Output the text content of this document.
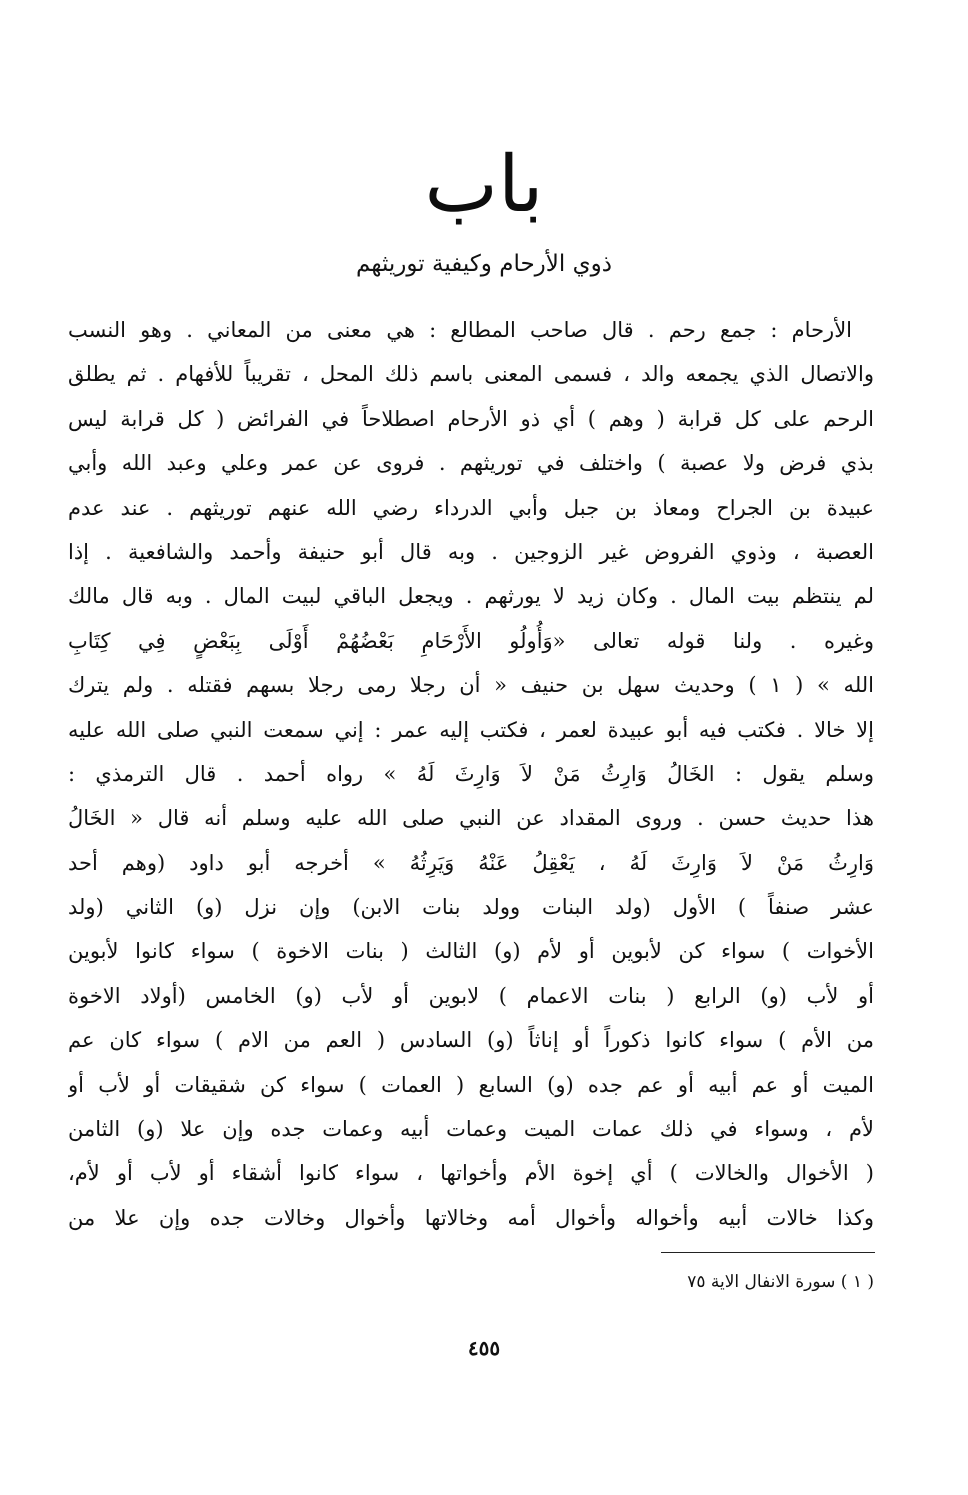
باب
ذوي الأرحام وكيفية توريثهم
الأرحام : جمع رحم . قال صاحب المطالع : هي معنى من المعاني . وهو النسب
والاتصال الذي يجمعه والد ، فسمى المعنى باسم ذلك المحل ، تقريباً للأفهام . ثم يطلق
الرحم على كل قرابة ( وهم ) أي ذو الأرحام اصطلاحاً في الفرائض ( كل قرابة ليس
بذي فرض ولا عصبة ) واختلف في توريثهم . فروى عن عمر وعلي وعبد الله وأبي
عبيدة بن الجراح ومعاذ بن جبل وأبي الدرداء رضي الله عنهم توريثهم . عند عدم
العصبة ، وذوي الفروض غير الزوجين . وبه قال أبو حنيفة وأحمد والشافعية . إذا
لم ينتظم بيت المال . وكان زيد لا يورثهم . ويجعل الباقي لبيت المال . وبه قال مالك
وغيره . ولنا قوله تعالى «وَأُولُو الأَرْحَامِ بَعْضُهُمْ أَوْلَى بِبَعْضٍ فِي كِتَابِ
الله » ( ١ ) وحديث سهل بن حنيف « أن رجلا رمى رجلا بسهم فقتله . ولم يترك
إلا خالا . فكتب فيه أبو عبيدة لعمر ، فكتب إليه عمر : إني سمعت النبي صلى الله عليه
وسلم يقول : الخَالُ وَارِثُ مَنْ لاَ وَارِثَ لَهُ » رواه أحمد . قال الترمذي :
هذا حديث حسن . وروى المقداد عن النبي صلى الله عليه وسلم أنه قال « الخَالُ
وَارِثُ مَنْ لاَ وَارِثَ لَهُ ، يَعْقِلُ عَنْهُ وَيَرِثُهُ » أخرجه أبو داود (وهم أحد
عشر صنفاً ) الأول (ولد البنات وولد بنات الابن) وإن نزل (و) الثاني (ولد
الأخوات ) سواء كن لأبوين أو لأم (و) الثالث ( بنات الاخوة ) سواء كانوا لأبوين
أو لأب (و) الرابع ( بنات الاعمام ) لابوين أو لأب (و) الخامس (أولاد الاخوة
من الأم ) سواء كانوا ذكوراً أو إناثاً (و) السادس ( العم من الام ) سواء كان عم
الميت أو عم أبيه أو عم جده (و) السابع ( العمات ) سواء كن شقيقات أو لأب أو
لأم ، وسواء في ذلك عمات الميت وعمات أبيه وعمات جده وإن علا (و) الثامن
( الأخوال والخالات ) أي إخوة الأم وأخواتها ، سواء كانوا أشقاء أو لأب أو لأم،
وكذا خالات أبيه وأخواله وأخوال أمه وخالاتها وأخوال وخالات جده وإن علا من
( ١ ) سورة الانفال الاية ٧٥
٤٥٥
